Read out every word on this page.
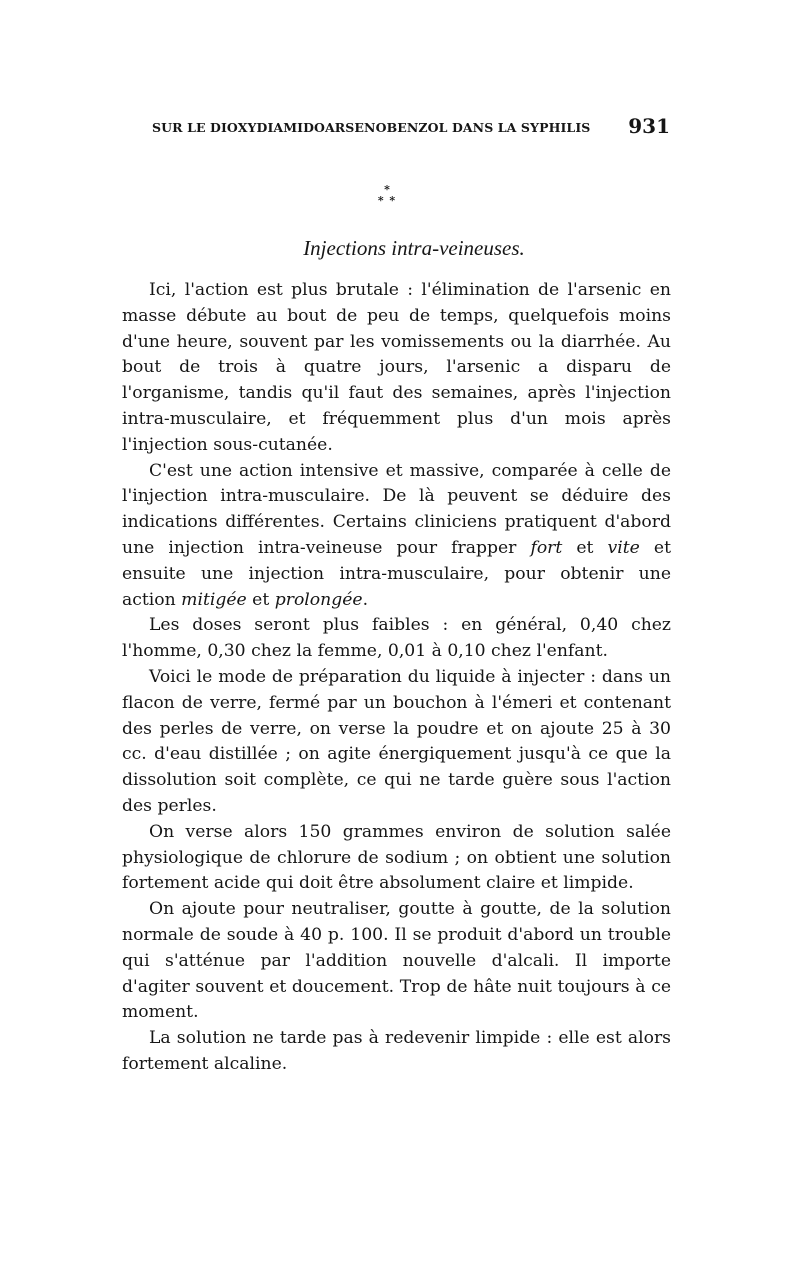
SUR LE DIOXYDIAMIDOARSENOBENZOL DANS LA SYPHILIS 931
*
* *
Injections intra-veineuses.

Ici, l'action est plus brutale : l'élimination de l'arsenic en masse débute au bout de peu de temps, quelquefois moins d'une heure, souvent par les vomissements ou la diarrhée. Au bout de trois à quatre jours, l'arsenic a disparu de l'organisme, tandis qu'il faut des semaines, après l'injection intra-musculaire, et fréquemment plus d'un mois après l'injection sous-cutanée.

C'est une action intensive et massive, comparée à celle de l'injection intra-musculaire. De là peuvent se déduire des indications différentes. Certains cliniciens pratiquent d'abord une injection intra-veineuse pour frapper fort et vite et ensuite une injection intra-musculaire, pour obtenir une action mitigée et prolongée.

Les doses seront plus faibles : en général, 0,40 chez l'homme, 0,30 chez la femme, 0,01 à 0,10 chez l'enfant.

Voici le mode de préparation du liquide à injecter : dans un flacon de verre, fermé par un bouchon à l'émeri et contenant des perles de verre, on verse la poudre et on ajoute 25 à 30 cc. d'eau distillée ; on agite énergiquement jusqu'à ce que la dissolution soit complète, ce qui ne tarde guère sous l'action des perles.

On verse alors 150 grammes environ de solution salée physiologique de chlorure de sodium ; on obtient une solution fortement acide qui doit être absolument claire et limpide.

On ajoute pour neutraliser, goutte à goutte, de la solution normale de soude à 40 p. 100. Il se produit d'abord un trouble qui s'atténue par l'addition nouvelle d'alcali. Il importe d'agiter souvent et doucement. Trop de hâte nuit toujours à ce moment.

La solution ne tarde pas à redevenir limpide : elle est alors fortement alcaline.
